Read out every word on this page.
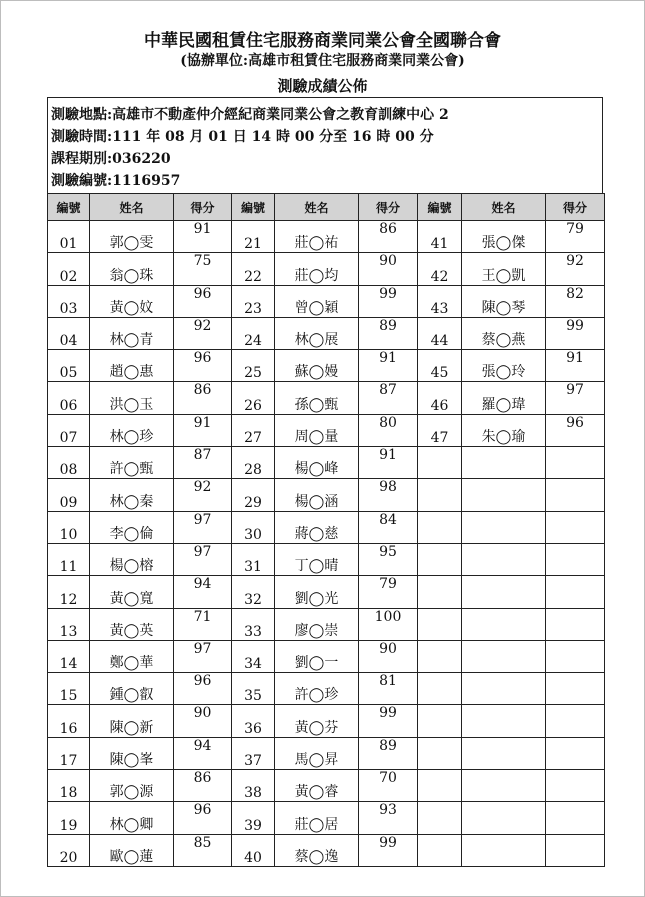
中華民國租賃住宅服務商業同業公會全國聯合會
(協辦單位:高雄市租賃住宅服務商業同業公會)
測驗成績公佈
測驗地點:高雄市不動產仲介經紀商業同業公會之教育訓練中心 2
測驗時間:111 年 08 月 01 日 14 時 00 分至 16 時 00 分
課程期別:036220
測驗編號:1116957
編號	姓名	得分	編號	姓名	得分	編號	姓名	得分
01	郭◯雯	91	21	莊◯祐	86	41	張◯傑	79
02	翁◯珠	75	22	莊◯均	90	42	王◯凱	92
03	黃◯妏	96	23	曾◯穎	99	43	陳◯琴	82
04	林◯青	92	24	林◯展	89	44	蔡◯燕	99
05	趙◯惠	96	25	蘇◯嫚	91	45	張◯玲	91
06	洪◯玉	86	26	孫◯甄	87	46	羅◯瑋	97
07	林◯珍	91	27	周◯量	80	47	朱◯瑜	96
08	許◯甄	87	28	楊◯峰	91			
09	林◯秦	92	29	楊◯涵	98			
10	李◯倫	97	30	蔣◯慈	84			
11	楊◯榕	97	31	丁◯晴	95			
12	黃◯寬	94	32	劉◯光	79			
13	黃◯英	71	33	廖◯崇	100			
14	鄭◯華	97	34	劉◯一	90			
15	鍾◯叡	96	35	許◯珍	81			
16	陳◯新	90	36	黃◯芬	99			
17	陳◯峯	94	37	馬◯昇	89			
18	郭◯源	86	38	黃◯睿	70			
19	林◯卿	96	39	莊◯居	93			
20	歐◯蓮	85	40	蔡◯逸	99			
